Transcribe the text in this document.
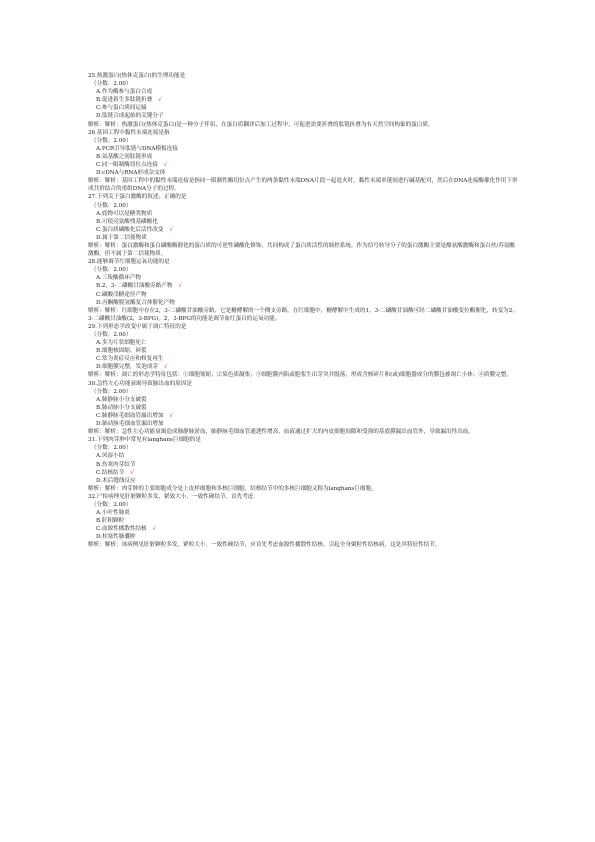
25.热激蛋白(热休克蛋白)的生理功能是
（分数：2.00）
A.作为酶参与蛋白合成
B.促进新生多肽链折叠 √
C.参与蛋白质间运输
D.肽链合成起始的关键分子
解析：解析：热激蛋白(热休克蛋白)是一种分子伴侣，在蛋白质翻译后加工过程中，可促进需要折叠的肽链折叠为有天然空间构象的蛋白质。
26.基因工程中黏性末端连接是指
（分数：2.00）
A.PCR引导肽链与DNA模板连接
B.氨基酸之间肽链形成
C.同一限制酶切位点连接 √
D.cDNA与RNA形成杂交体
解析：解析：基因工程中的黏性末端连接是指同一限制性酶切位点产生的两条黏性末端DNA片段一起退火时，黏性末端单链间进行碱基配对，然后在DNA连接酶催化作用下形成共价结合的重组DNA分子的过程。
27.下列关于蛋白激酶的叙述，正确的是
（分数：2.00）
A.底物可以是糖类物质
B.可使亮氨酸残基磷酸化
C.蛋白质磷酸化后活性改变 √
D.属于第二信使物质
解析：解析：蛋白激酶和蛋白磷酸酶催化的蛋白质的可逆性磷酸化修饰，共同构成了蛋白质活性的调控系统。作为信号转导分子的蛋白激酶主要是酪氨酸激酶和蛋白丝/苏氨酸激酶，但不属于第二信使物质。
28.能够调节红细胞运氧功能的是
（分数：2.00）
A.三羧酸循环产物
B.2，3-二磷酸甘油酸旁路产物 √
C.磷酸戊糖途径产物
D.丙酮酸脱氢酶复合体催化产物
解析：解析：红细胞中存在2，3-二磷酸甘油酸旁路，它是糖酵解的一个侧支旁路。在红细胞中，糖酵解中生成的1，3-二磷酸甘油酸可经二磷酸甘油酸变位酶催化，转变为2，3-二磷酸甘油酸(2，3-BPG)。2，3-BPG的功能是调节血红蛋白的运氧功能。
29.下列形态学改变中属于凋亡特征的是
（分数：2.00）
A.多为片状细胞死亡
B.细胞核固缩、碎裂
C.常为炎症反应和修复再生
D.细胞膜完整，发泡成芽 √
解析：解析：凋亡的形态学特征包括：①细胞皱缩；②染色质凝集；③细胞膜内陷或胞浆生出芽突并脱落，形成含核碎片和(或)细胞器成分的膜包被凋亡小体；④质膜完整。
30.急性左心功能衰竭导致肺出血的原因是
（分数：2.00）
A.肺静脉小分支破裂
B.肺动脉小分支破裂
C.肺静脉毛细血管漏出增加 √
D.肺动脉毛细血管漏出增加
解析：解析：急性左心功能衰竭造成肺静脉淤血，肺静脉毛细血管通透性增高，血液通过扩大的内皮细胞间隙和受损的基底膜漏出血管外，导致漏出性出血。
31.下列肉芽肿中常见有langhans巨细胞的是
（分数：2.00）
A.风湿小结
B.伤寒肉芽结节
C.结核结节 √
D.术后缝线反应
解析：解析：肉芽肿的主要细胞成分是上皮样细胞和多核巨细胞，结核结节中的多核巨细胞又称为langhans巨细胞。
32.尸检病理见肝脏颗粒多发、紧致大小、一致性硬结节，首先考虑
（分数：2.00）
A.小叶性肺炎
B.肝粗颗粒
C.血源性播散性结核 √
D.栓塞性肺囊肿
解析：解析：该病例见肝脏颗粒多发、紧粒大小、一致性硬结节，应首先考虑血源性播散性结核，引起全身粟粒性结核病，这是其特征性结节。
